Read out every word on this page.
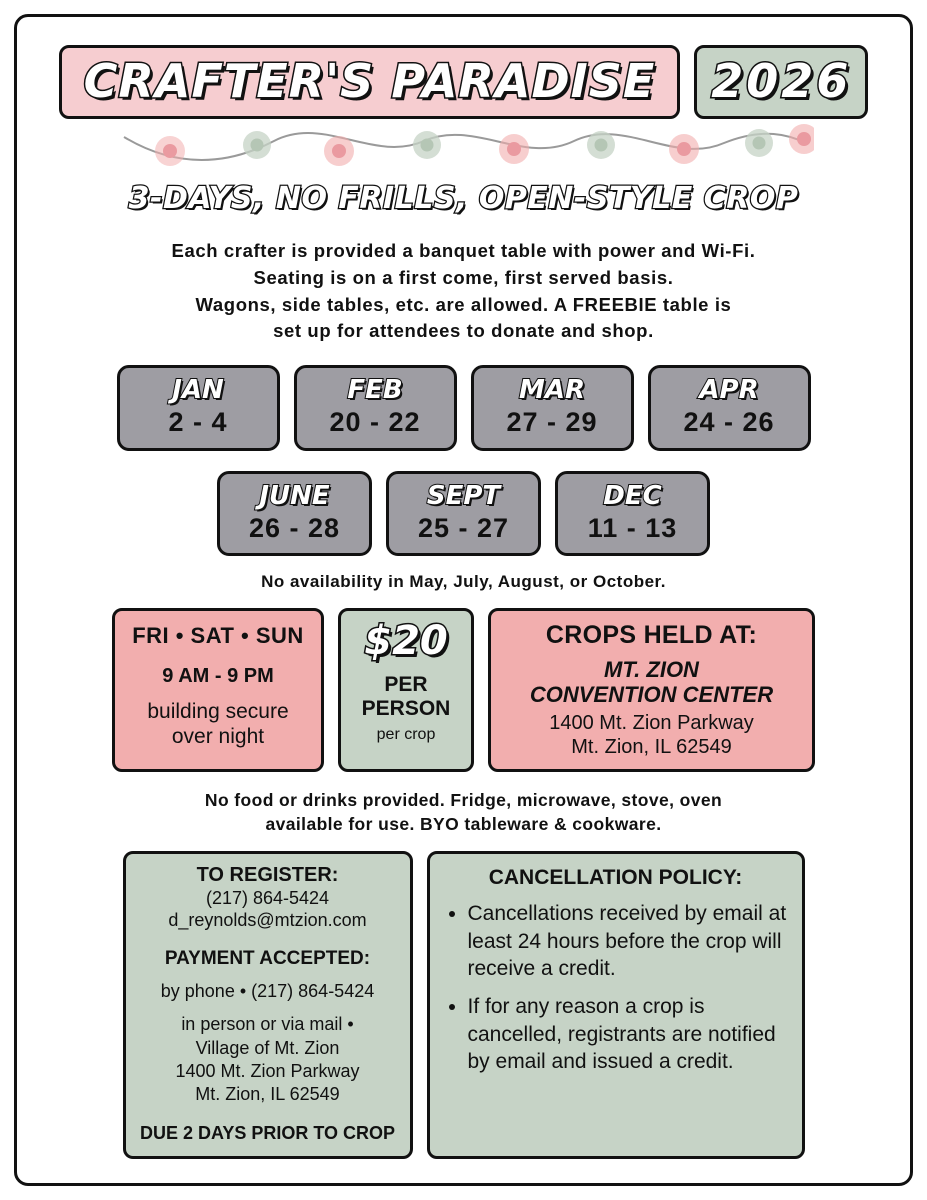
CRAFTER'S PARADISE 2026
3-DAYS, NO FRILLS, OPEN-STYLE CROP
Each crafter is provided a banquet table with power and Wi-Fi.
Seating is on a first come, first served basis.
Wagons, side tables, etc. are allowed. A FREEBIE table is
set up for attendees to donate and shop.
JAN
2 - 4
FEB
20 - 22
MAR
27 - 29
APR
24 - 26
JUNE
26 - 28
SEPT
25 - 27
DEC
11 - 13
No availability in May, July, August, or October.
FRI • SAT • SUN
9 AM - 9 PM
building secure
over night
$20
PER
PERSON
per crop
CROPS HELD AT:
MT. ZION
CONVENTION CENTER
1400 Mt. Zion Parkway
Mt. Zion, IL 62549
No food or drinks provided. Fridge, microwave, stove, oven
available for use. BYO tableware & cookware.
TO REGISTER:
(217) 864-5424
d_reynolds@mtzion.com
PAYMENT ACCEPTED:
by phone • (217) 864-5424
in person or via mail •
Village of Mt. Zion
1400 Mt. Zion Parkway
Mt. Zion, IL 62549
DUE 2 DAYS PRIOR TO CROP
CANCELLATION POLICY:
• Cancellations received by email at least 24 hours before the crop will receive a credit.
• If for any reason a crop is cancelled, registrants are notified by email and issued a credit.
